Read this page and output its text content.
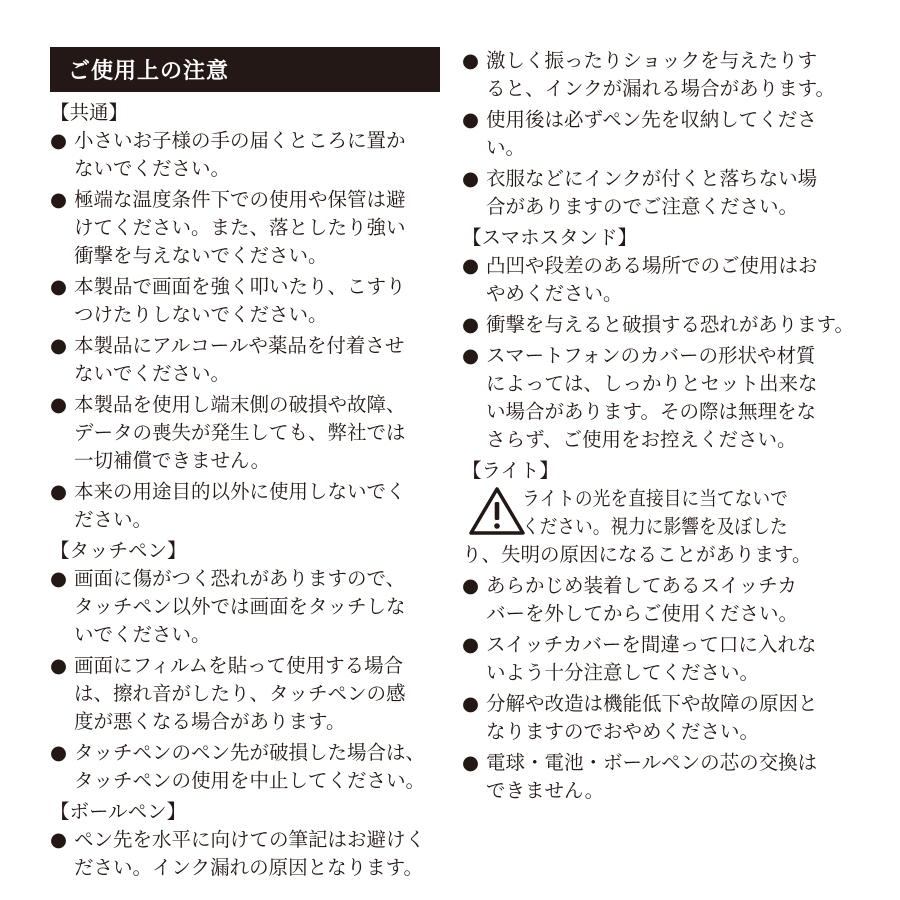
ご使用上の注意
【共通】
● 小さいお子様の手の届くところに置か
ないでください。
● 極端な温度条件下での使用や保管は避
けてください。また、落としたり強い
衝撃を与えないでください。
● 本製品で画面を強く叩いたり、こすり
つけたりしないでください。
● 本製品にアルコールや薬品を付着させ
ないでください。
● 本製品を使用し端末側の破損や故障、
データの喪失が発生しても、弊社では
一切補償できません。
● 本来の用途目的以外に使用しないでく
ださい。
【タッチペン】
● 画面に傷がつく恐れがありますので、
タッチペン以外では画面をタッチしな
いでください。
● 画面にフィルムを貼って使用する場合
は、擦れ音がしたり、タッチペンの感
度が悪くなる場合があります。
● タッチペンのペン先が破損した場合は、
タッチペンの使用を中止してください。
【ボールペン】
● ペン先を水平に向けての筆記はお避けく
ださい。インク漏れの原因となります。
● 激しく振ったりショックを与えたりす
ると、インクが漏れる場合があります。
● 使用後は必ずペン先を収納してくださ
い。
● 衣服などにインクが付くと落ちない場
合がありますのでご注意ください。
【スマホスタンド】
● 凸凹や段差のある場所でのご使用はお
やめください。
● 衝撃を与えると破損する恐れがあります。
● スマートフォンのカバーの形状や材質
によっては、しっかりとセット出来な
い場合があります。その際は無理をな
さらず、ご使用をお控えください。
【ライト】
ライトの光を直接目に当てないで
ください。視力に影響を及ぼした
り、失明の原因になることがあります。
● あらかじめ装着してあるスイッチカ
バーを外してからご使用ください。
● スイッチカバーを間違って口に入れな
いよう十分注意してください。
● 分解や改造は機能低下や故障の原因と
なりますのでおやめください。
● 電球・電池・ボールペンの芯の交換は
できません。
